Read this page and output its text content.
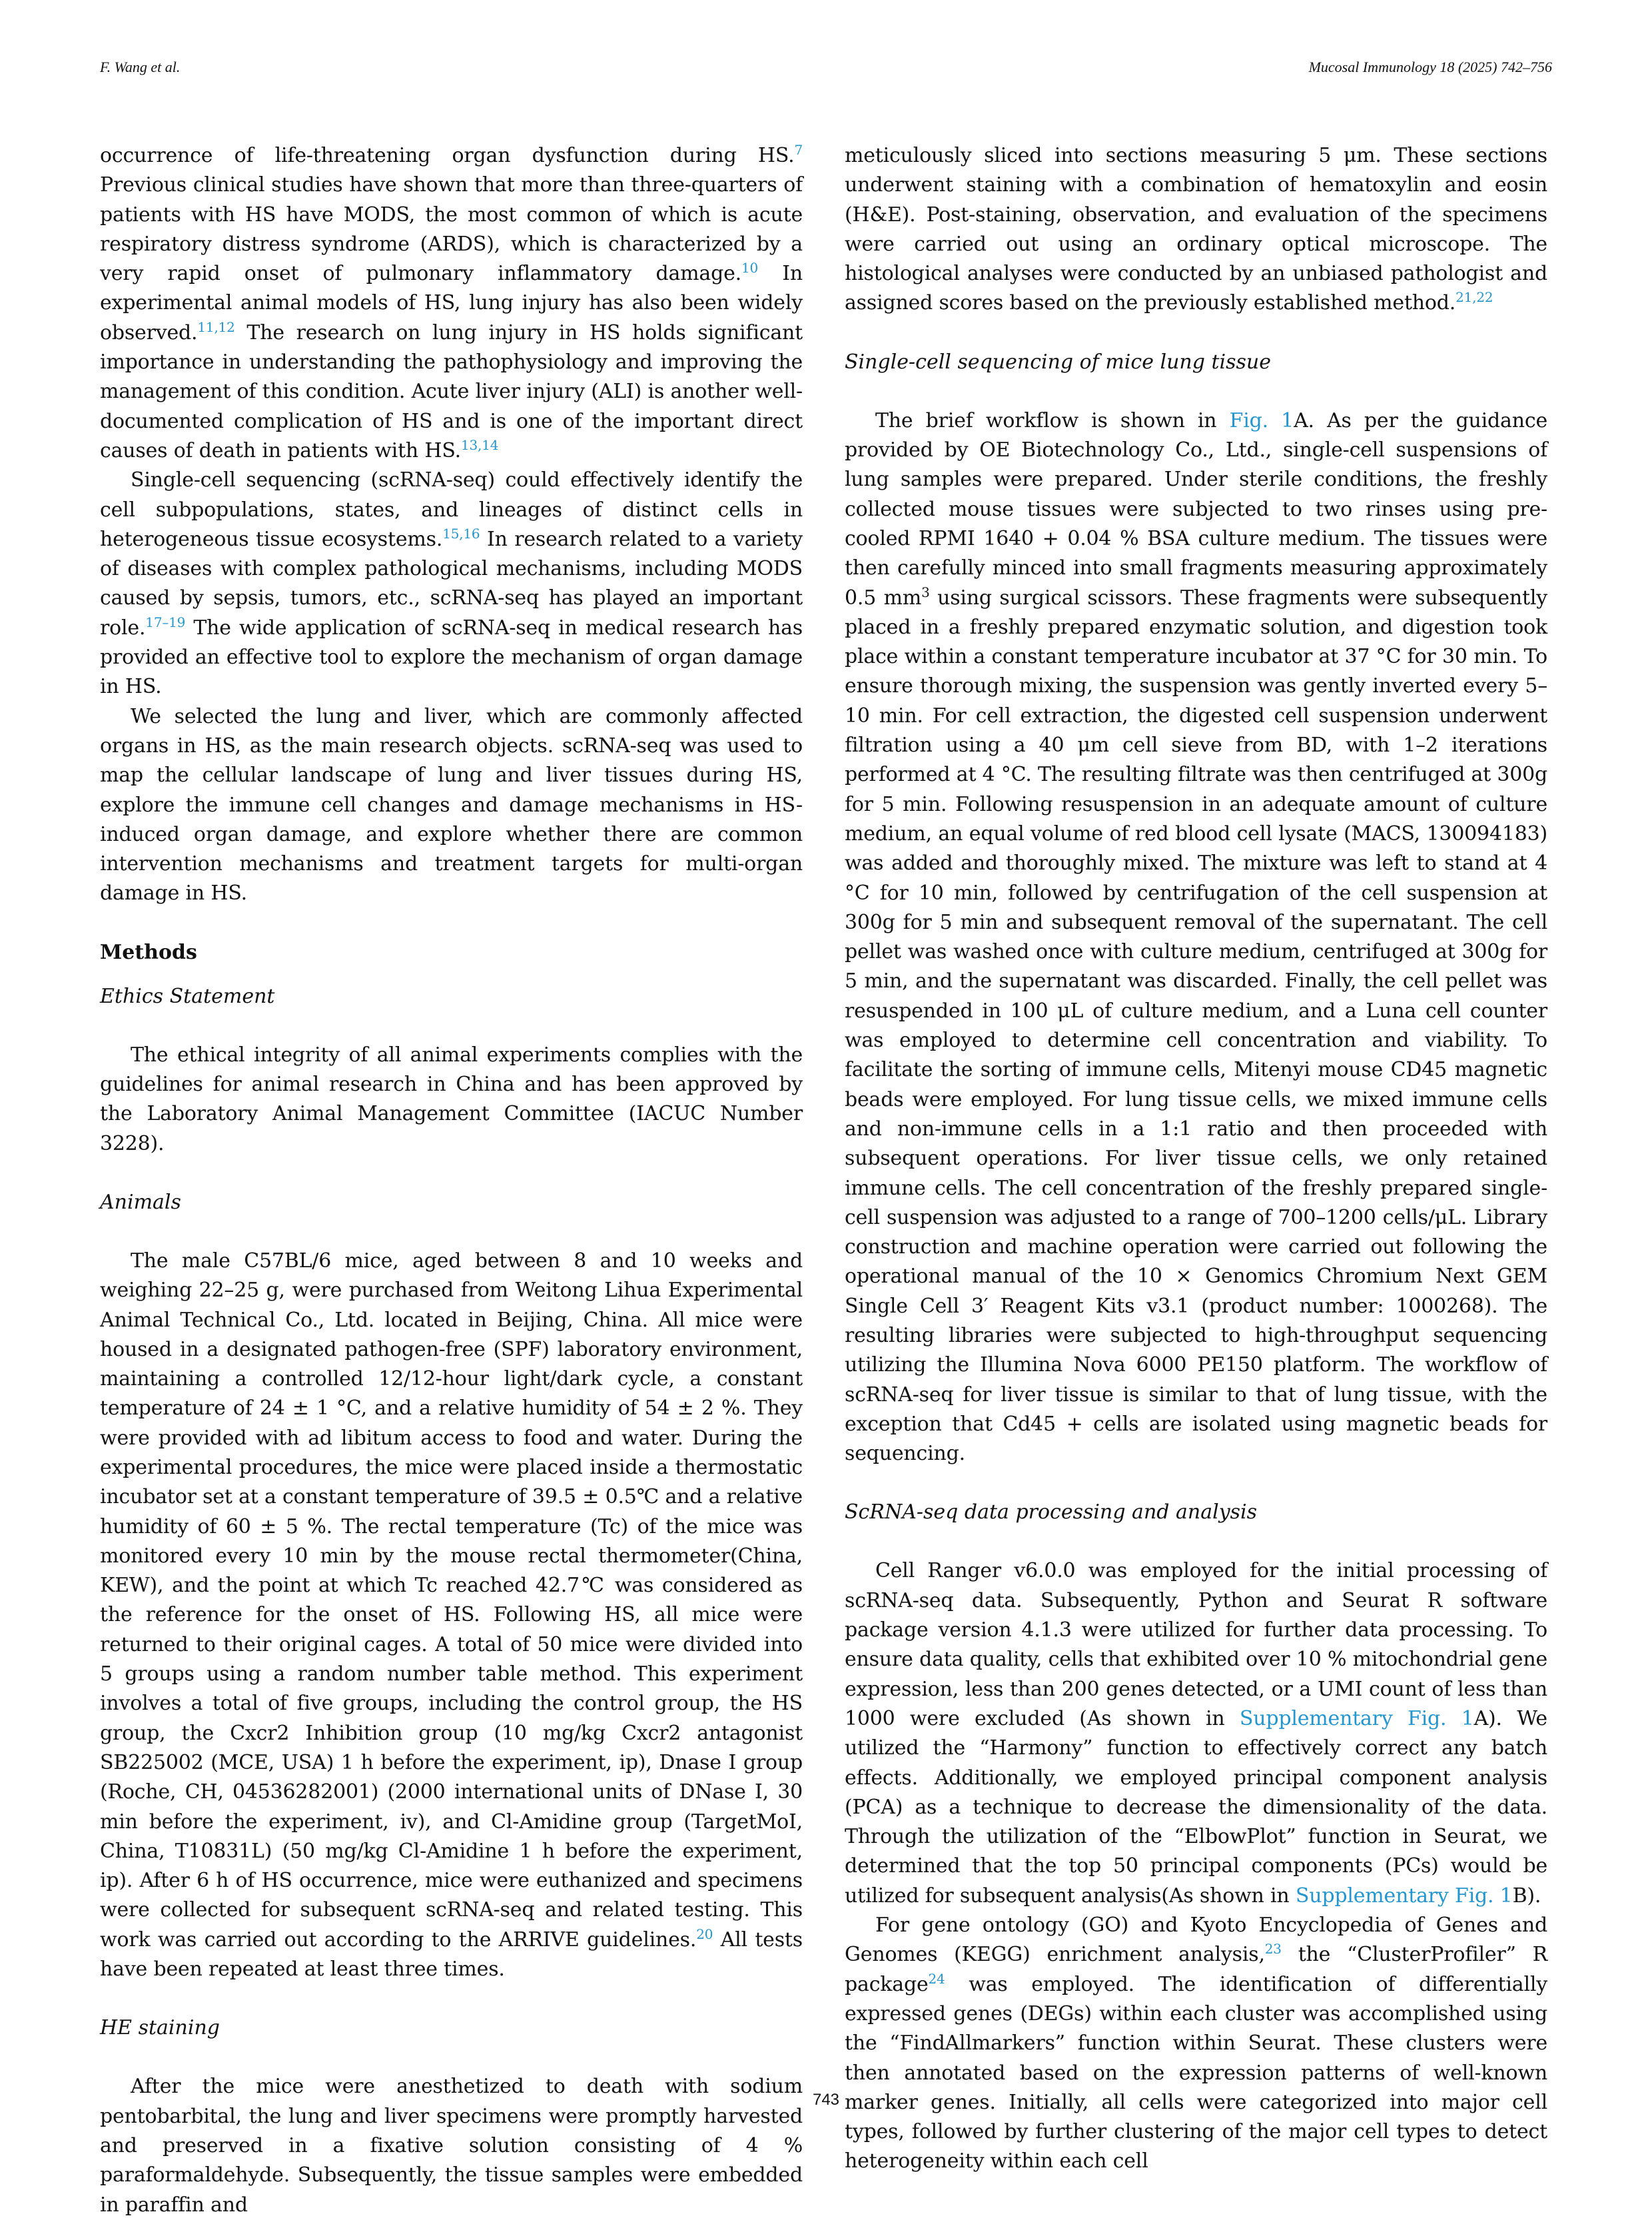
F. Wang et al.	Mucosal Immunology 18 (2025) 742–756

occurrence of life-threatening organ dysfunction during HS.$^7$ Previous clinical studies have shown that more than three-quarters of patients with HS have MODS, the most common of which is acute respiratory distress syndrome (ARDS), which is characterized by a very rapid onset of pulmonary inflammatory damage.$^{10}$ In experimental animal models of HS, lung injury has also been widely observed.$^{11,12}$ The research on lung injury in HS holds significant importance in understanding the pathophysiology and improving the management of this condition. Acute liver injury (ALI) is another well-documented complication of HS and is one of the important direct causes of death in patients with HS.$^{13,14}$

Single-cell sequencing (scRNA-seq) could effectively identify the cell subpopulations, states, and lineages of distinct cells in heterogeneous tissue ecosystems.$^{15,16}$ In research related to a variety of diseases with complex pathological mechanisms, including MODS caused by sepsis, tumors, etc., scRNA-seq has played an important role.$^{17-19}$ The wide application of scRNA-seq in medical research has provided an effective tool to explore the mechanism of organ damage in HS.

We selected the lung and liver, which are commonly affected organs in HS, as the main research objects. scRNA-seq was used to map the cellular landscape of lung and liver tissues during HS, explore the immune cell changes and damage mechanisms in HS-induced organ damage, and explore whether there are common intervention mechanisms and treatment targets for multi-organ damage in HS.

Methods
Ethics Statement

The ethical integrity of all animal experiments complies with the guidelines for animal research in China and has been approved by the Laboratory Animal Management Committee (IACUC Number 3228).

Animals

The male C57BL/6 mice, aged between 8 and 10 weeks and weighing 22–25 g, were purchased from Weitong Lihua Experimental Animal Technical Co., Ltd. located in Beijing, China. All mice were housed in a designated pathogen-free (SPF) laboratory environment, maintaining a controlled 12/12-hour light/dark cycle, a constant temperature of 24 ± 1 °C, and a relative humidity of 54 ± 2 %. They were provided with ad libitum access to food and water. During the experimental procedures, the mice were placed inside a thermostatic incubator set at a constant temperature of 39.5 ± 0.5℃ and a relative humidity of 60 ± 5 %. The rectal temperature (Tc) of the mice was monitored every 10 min by the mouse rectal thermometer(China, KEW), and the point at which Tc reached 42.7℃ was considered as the reference for the onset of HS. Following HS, all mice were returned to their original cages. A total of 50 mice were divided into 5 groups using a random number table method. This experiment involves a total of five groups, including the control group, the HS group, the Cxcr2 Inhibition group (10 mg/kg Cxcr2 antagonist SB225002 (MCE, USA) 1 h before the experiment, ip), Dnase I group (Roche, CH, 04536282001) (2000 international units of DNase I, 30 min before the experiment, iv), and Cl-Amidine group (TargetMoI, China, T10831L) (50 mg/kg Cl-Amidine 1 h before the experiment, ip). After 6 h of HS occurrence, mice were euthanized and specimens were collected for subsequent scRNA-seq and related testing. This work was carried out according to the ARRIVE guidelines.$^{20}$ All tests have been repeated at least three times.

HE staining

After the mice were anesthetized to death with sodium pentobarbital, the lung and liver specimens were promptly harvested and preserved in a fixative solution consisting of 4 % paraformaldehyde. Subsequently, the tissue samples were embedded in paraffin and

meticulously sliced into sections measuring 5 μm. These sections underwent staining with a combination of hematoxylin and eosin (H&E). Post-staining, observation, and evaluation of the specimens were carried out using an ordinary optical microscope. The histological analyses were conducted by an unbiased pathologist and assigned scores based on the previously established method.$^{21,22}$

Single-cell sequencing of mice lung tissue

The brief workflow is shown in Fig. 1A. As per the guidance provided by OE Biotechnology Co., Ltd., single-cell suspensions of lung samples were prepared. Under sterile conditions, the freshly collected mouse tissues were subjected to two rinses using pre-cooled RPMI 1640 + 0.04 % BSA culture medium. The tissues were then carefully minced into small fragments measuring approximately 0.5 $mm^3$ using surgical scissors. These fragments were subsequently placed in a freshly prepared enzymatic solution, and digestion took place within a constant temperature incubator at 37 °C for 30 min. To ensure thorough mixing, the suspension was gently inverted every 5–10 min. For cell extraction, the digested cell suspension underwent filtration using a 40 μm cell sieve from BD, with 1–2 iterations performed at 4 °C. The resulting filtrate was then centrifuged at 300g for 5 min. Following resuspension in an adequate amount of culture medium, an equal volume of red blood cell lysate (MACS, 130094183) was added and thoroughly mixed. The mixture was left to stand at 4 °C for 10 min, followed by centrifugation of the cell suspension at 300g for 5 min and subsequent removal of the supernatant. The cell pellet was washed once with culture medium, centrifuged at 300g for 5 min, and the supernatant was discarded. Finally, the cell pellet was resuspended in 100 μL of culture medium, and a Luna cell counter was employed to determine cell concentration and viability. To facilitate the sorting of immune cells, Mitenyi mouse CD45 magnetic beads were employed. For lung tissue cells, we mixed immune cells and non-immune cells in a 1:1 ratio and then proceeded with subsequent operations. For liver tissue cells, we only retained immune cells. The cell concentration of the freshly prepared single-cell suspension was adjusted to a range of 700–1200 cells/μL. Library construction and machine operation were carried out following the operational manual of the 10 × Genomics Chromium Next GEM Single Cell 3′ Reagent Kits v3.1 (product number: 1000268). The resulting libraries were subjected to high-throughput sequencing utilizing the Illumina Nova 6000 PE150 platform. The workflow of scRNA-seq for liver tissue is similar to that of lung tissue, with the exception that Cd45 + cells are isolated using magnetic beads for sequencing.

ScRNA-seq data processing and analysis

Cell Ranger v6.0.0 was employed for the initial processing of scRNA-seq data. Subsequently, Python and Seurat R software package version 4.1.3 were utilized for further data processing. To ensure data quality, cells that exhibited over 10 % mitochondrial gene expression, less than 200 genes detected, or a UMI count of less than 1000 were excluded (As shown in Supplementary Fig. 1A). We utilized the “Harmony” function to effectively correct any batch effects. Additionally, we employed principal component analysis (PCA) as a technique to decrease the dimensionality of the data. Through the utilization of the “ElbowPlot” function in Seurat, we determined that the top 50 principal components (PCs) would be utilized for subsequent analysis(As shown in Supplementary Fig. 1B).

For gene ontology (GO) and Kyoto Encyclopedia of Genes and Genomes (KEGG) enrichment analysis,$^{23}$ the “ClusterProfiler” R package$^{24}$ was employed. The identification of differentially expressed genes (DEGs) within each cluster was accomplished using the “FindAllmarkers” function within Seurat. These clusters were then annotated based on the expression patterns of well-known marker genes. Initially, all cells were categorized into major cell types, followed by further clustering of the major cell types to detect heterogeneity within each cell

743
